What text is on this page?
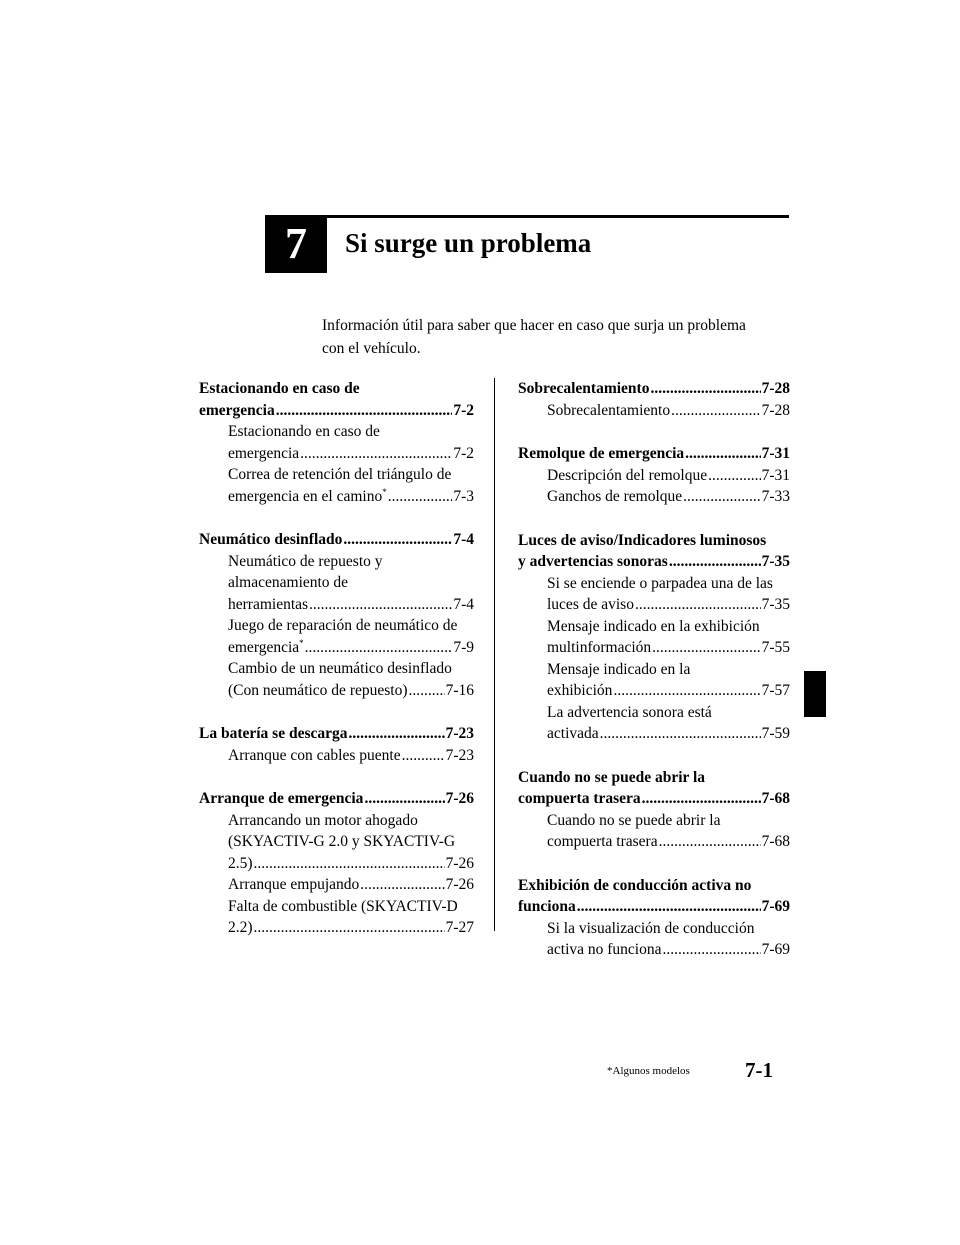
7	Si surge un problema
Información útil para saber que hacer en caso que surja un problema
con el vehículo.
Estacionando en caso de
emergencia .....	7-2
Estacionando en caso de
emergencia .....	7-2
Correa de retención del triángulo de
emergencia en el camino* .....	7-3
Neumático desinflado .....	7-4
Neumático de repuesto y
almacenamiento de
herramientas .....	7-4
Juego de reparación de neumático de
emergencia* .....	7-9
Cambio de un neumático desinflado
(Con neumático de repuesto) ..... 7-16
La batería se descarga .....	7-23
Arranque con cables puente .....	7-23
Arranque de emergencia .....	7-26
Arrancando un motor ahogado
(SKYACTIV-G 2.0 y SKYACTIV-G
2.5) .....	7-26
Arranque empujando .....	7-26
Falta de combustible (SKYACTIV-D
2.2) .....	7-27
Sobrecalentamiento .....	7-28
Sobrecalentamiento .....	7-28
Remolque de emergencia .....	7-31
Descripción del remolque .....	7-31
Ganchos de remolque .....	7-33
Luces de aviso/Indicadores luminosos
y advertencias sonoras .....	7-35
Si se enciende o parpadea una de las
luces de aviso .....	7-35
Mensaje indicado en la exhibición
multinformación .....	7-55
Mensaje indicado en la
exhibición .....	7-57
La advertencia sonora está
activada .....	7-59
Cuando no se puede abrir la
compuerta trasera .....	7-68
Cuando no se puede abrir la
compuerta trasera .....	7-68
Exhibición de conducción activa no
funciona .....	7-69
Si la visualización de conducción
activa no funciona .....	7-69
*Algunos modelos	7-1
